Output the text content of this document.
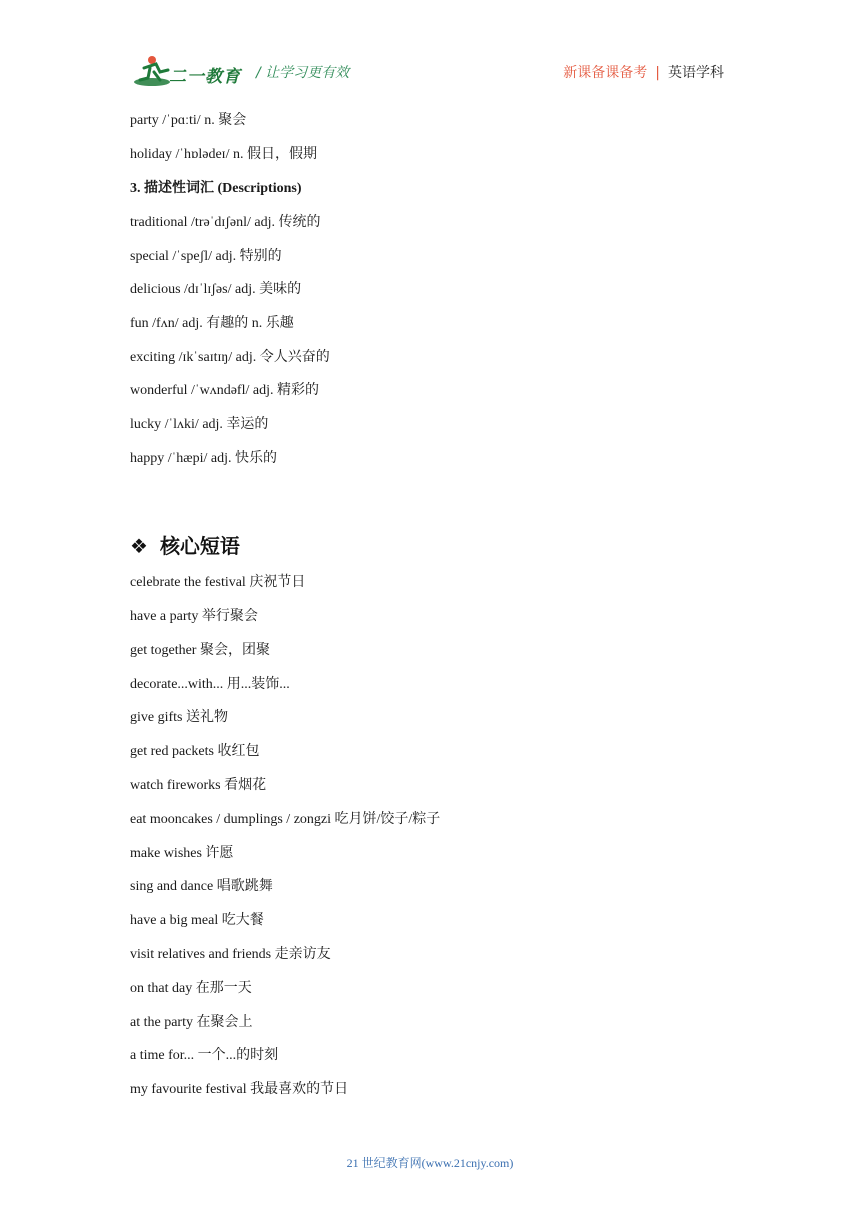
二一教育 / 让学习更有效	新课备课备考 | 英语学科
party /ˈpɑːti/ n. 聚会
holiday /ˈhɒlədeɪ/ n. 假日，假期
3. 描述性词汇 (Descriptions)
traditional /trəˈdɪʃənl/ adj. 传统的
special /ˈspeʃl/ adj. 特别的
delicious /dɪˈlɪʃəs/ adj. 美味的
fun /fʌn/ adj. 有趣的 n. 乐趣
exciting /ɪkˈsaɪtɪŋ/ adj. 令人兴奋的
wonderful /ˈwʌndəfl/ adj. 精彩的
lucky /ˈlʌki/ adj. 幸运的
happy /ˈhæpi/ adj. 快乐的
❖ 核心短语
celebrate the festival 庆祝节日
have a party 举行聚会
get together 聚会，团聚
decorate...with... 用...装饰...
give gifts 送礼物
get red packets 收红包
watch fireworks 看烟花
eat mooncakes / dumplings / zongzi 吃月饼/饺子/粽子
make wishes 许愿
sing and dance 唱歌跳舞
have a big meal 吃大餐
visit relatives and friends 走亲访友
on that day 在那一天
at the party 在聚会上
a time for... 一个...的时刻
my favourite festival 我最喜欢的节日
21 世纪教育网(www.21cnjy.com)
